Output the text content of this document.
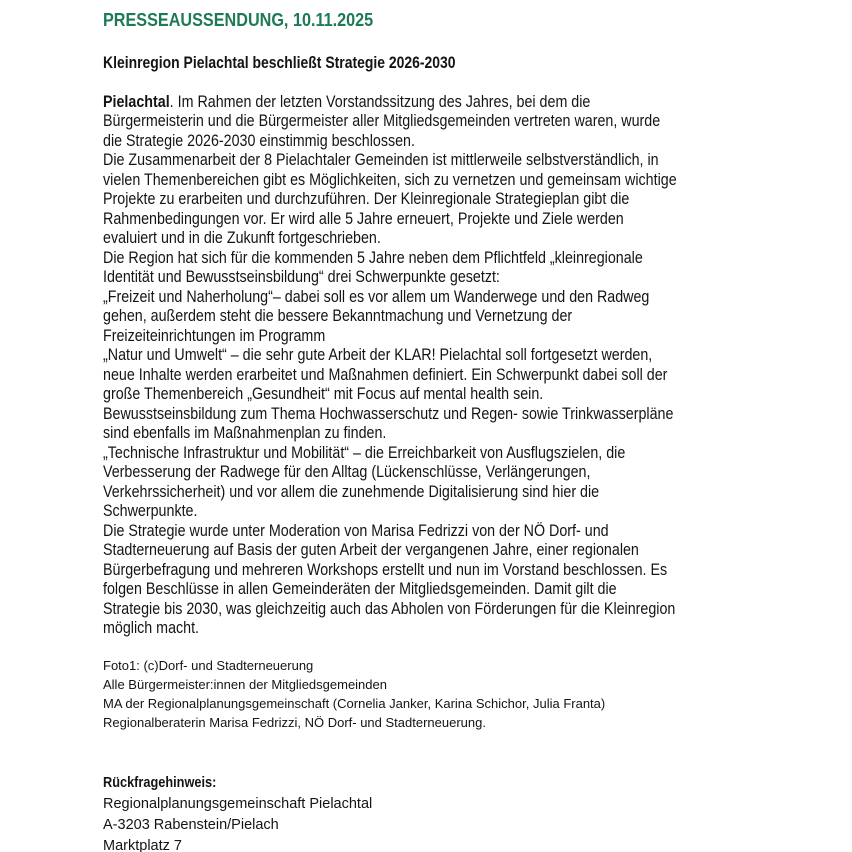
PRESSEAUSSENDUNG, 10.11.2025
Kleinregion Pielachtal beschließt Strategie 2026-2030
Pielachtal. Im Rahmen der letzten Vorstandssitzung des Jahres, bei dem die
Bürgermeisterin und die Bürgermeister aller Mitgliedsgemeinden vertreten waren, wurde
die Strategie 2026-2030 einstimmig beschlossen.
Die Zusammenarbeit der 8 Pielachtaler Gemeinden ist mittlerweile selbstverständlich, in
vielen Themenbereichen gibt es Möglichkeiten, sich zu vernetzen und gemeinsam wichtige
Projekte zu erarbeiten und durchzuführen. Der Kleinregionale Strategieplan gibt die
Rahmenbedingungen vor. Er wird alle 5 Jahre erneuert, Projekte und Ziele werden
evaluiert und in die Zukunft fortgeschrieben.
Die Region hat sich für die kommenden 5 Jahre neben dem Pflichtfeld „kleinregionale
Identität und Bewusstseinsbildung“ drei Schwerpunkte gesetzt:
„Freizeit und Naherholung“– dabei soll es vor allem um Wanderwege und den Radweg
gehen, außerdem steht die bessere Bekanntmachung und Vernetzung der
Freizeiteinrichtungen im Programm
„Natur und Umwelt“ – die sehr gute Arbeit der KLAR! Pielachtal soll fortgesetzt werden,
neue Inhalte werden erarbeitet und Maßnahmen definiert. Ein Schwerpunkt dabei soll der
große Themenbereich „Gesundheit“ mit Focus auf mental health sein.
Bewusstseinsbildung zum Thema Hochwasserschutz und Regen- sowie Trinkwasserpläne
sind ebenfalls im Maßnahmenplan zu finden.
„Technische Infrastruktur und Mobilität“ – die Erreichbarkeit von Ausflugszielen, die
Verbesserung der Radwege für den Alltag (Lückenschlüsse, Verlängerungen,
Verkehrssicherheit) und vor allem die zunehmende Digitalisierung sind hier die
Schwerpunkte.
Die Strategie wurde unter Moderation von Marisa Fedrizzi von der NÖ Dorf- und
Stadterneuerung auf Basis der guten Arbeit der vergangenen Jahre, einer regionalen
Bürgerbefragung und mehreren Workshops erstellt und nun im Vorstand beschlossen. Es
folgen Beschlüsse in allen Gemeinderäten der Mitgliedsgemeinden. Damit gilt die
Strategie bis 2030, was gleichzeitig auch das Abholen von Förderungen für die Kleinregion
möglich macht.
Foto1: (c)Dorf- und Stadterneuerung
Alle Bürgermeister:innen der Mitgliedsgemeinden
MA der Regionalplanungsgemeinschaft (Cornelia Janker, Karina Schichor, Julia Franta)
Regionalberaterin Marisa Fedrizzi, NÖ Dorf- und Stadterneuerung.
Rückfragehinweis:
Regionalplanungsgemeinschaft Pielachtal
A-3203 Rabenstein/Pielach
Marktplatz 7
